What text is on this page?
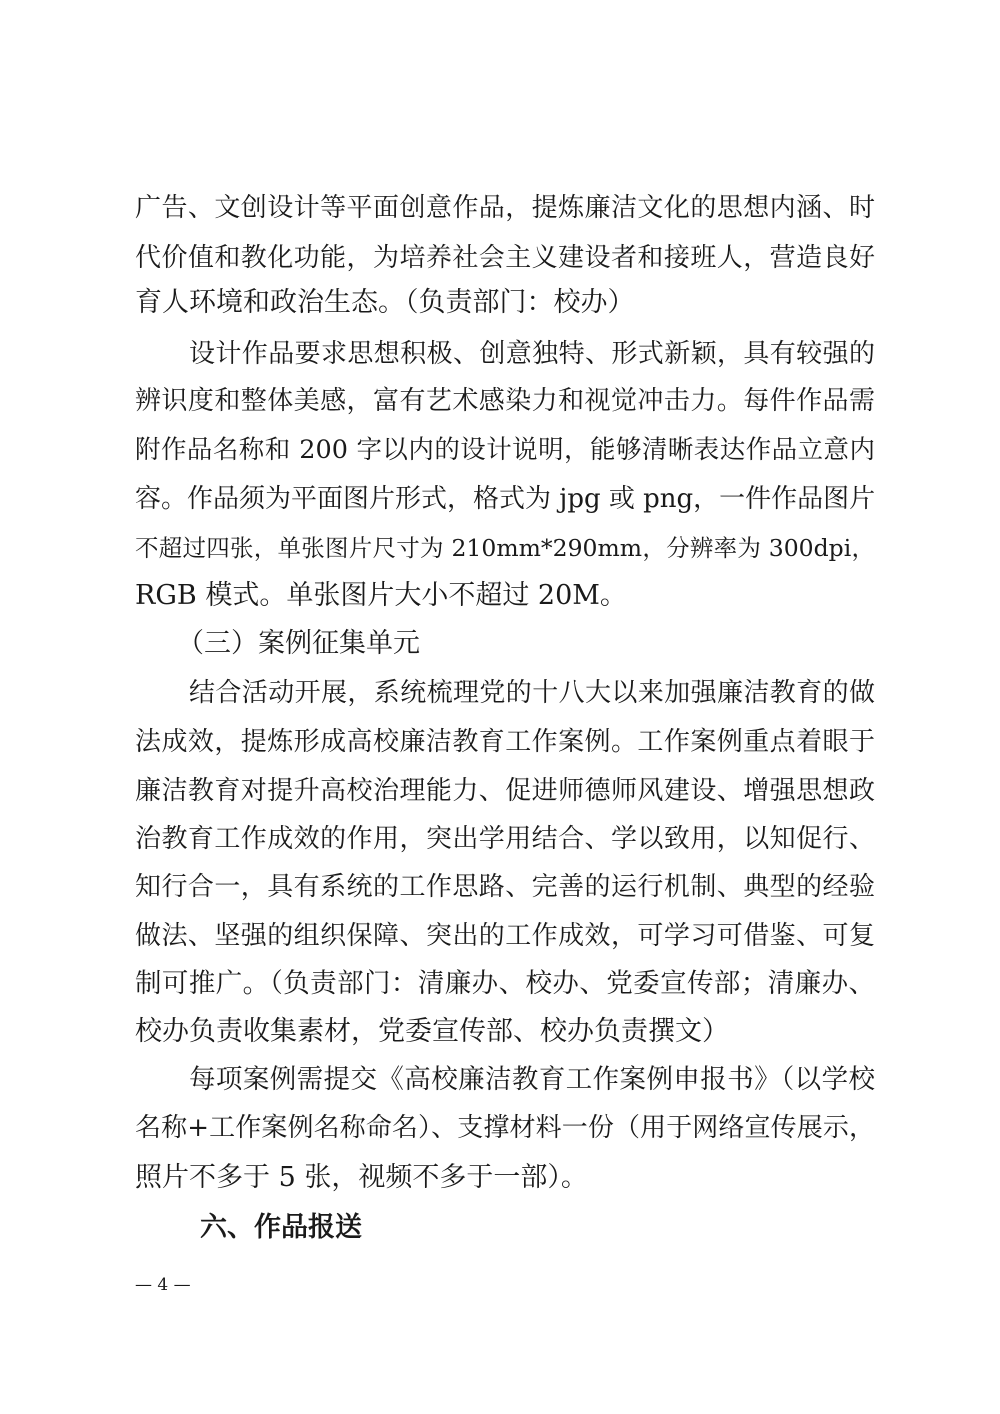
广告、文创设计等平面创意作品，提炼廉洁文化的思想内涵、时
代价值和教化功能，为培养社会主义建设者和接班人，营造良好
育人环境和政治生态。（负责部门：校办）
设计作品要求思想积极、创意独特、形式新颖，具有较强的
辨识度和整体美感，富有艺术感染力和视觉冲击力。每件作品需
附作品名称和 200 字以内的设计说明，能够清晰表达作品立意内
容。作品须为平面图片形式，格式为 jpg 或 png，一件作品图片
不超过四张，单张图片尺寸为 210mm*290mm，分辨率为 300dpi，
RGB 模式。单张图片大小不超过 20M。
（三）案例征集单元
结合活动开展，系统梳理党的十八大以来加强廉洁教育的做
法成效，提炼形成高校廉洁教育工作案例。工作案例重点着眼于
廉洁教育对提升高校治理能力、促进师德师风建设、增强思想政
治教育工作成效的作用，突出学用结合、学以致用，以知促行、
知行合一，具有系统的工作思路、完善的运行机制、典型的经验
做法、坚强的组织保障、突出的工作成效，可学习可借鉴、可复
制可推广。（负责部门：清廉办、校办、党委宣传部；清廉办、
校办负责收集素材，党委宣传部、校办负责撰文）
每项案例需提交《高校廉洁教育工作案例申报书》（以学校
名称+工作案例名称命名）、支撑材料一份（用于网络宣传展示，
照片不多于 5 张，视频不多于一部）。
六、作品报送
— 4 —
